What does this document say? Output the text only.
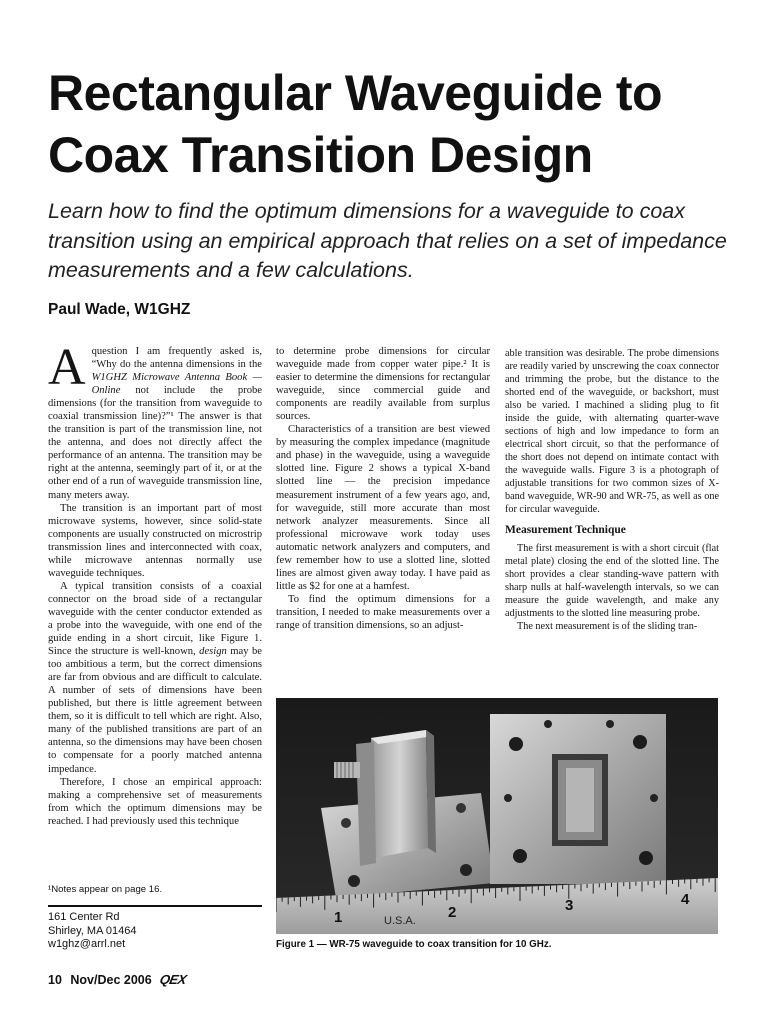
Rectangular Waveguide to
Coax Transition Design
Learn how to find the optimum dimensions for a waveguide to coax transition using an empirical approach that relies on a set of impedance measurements and a few calculations.
Paul Wade, W1GHZ

A question I am frequently asked is, “Why do the antenna dimensions in the W1GHZ Microwave Antenna Book — Online not include the probe dimensions (for the transition from waveguide to coaxial transmission line)?”¹ The answer is that the transition is part of the transmission line, not the antenna, and does not directly affect the performance of an antenna. The transition may be right at the antenna, seemingly part of it, or at the other end of a run of waveguide transmission line, many meters away.

The transition is an important part of most microwave systems, however, since solid-state components are usually constructed on microstrip transmission lines and interconnected with coax, while microwave antennas normally use waveguide techniques.

A typical transition consists of a coaxial connector on the broad side of a rectangular waveguide with the center conductor extended as a probe into the waveguide, with one end of the guide ending in a short circuit, like Figure 1. Since the structure is well-known, design may be too ambitious a term, but the correct dimensions are far from obvious and are difficult to calculate. A number of sets of dimensions have been published, but there is little agreement between them, so it is difficult to tell which are right. Also, many of the published transitions are part of an antenna, so the dimensions may have been chosen to compensate for a poorly matched antenna impedance.

Therefore, I chose an empirical approach: making a comprehensive set of measurements from which the optimum dimensions may be reached. I had previously used this technique

to determine probe dimensions for circular waveguide made from copper water pipe.² It is easier to determine the dimensions for rectangular waveguide, since commercial guide and components are readily available from surplus sources.

Characteristics of a transition are best viewed by measuring the complex impedance (magnitude and phase) in the waveguide, using a waveguide slotted line. Figure 2 shows a typical X-band slotted line — the precision impedance measurement instrument of a few years ago, and, for waveguide, still more accurate than most network analyzer measurements. Since all professional microwave work today uses automatic network analyzers and computers, and few remember how to use a slotted line, slotted lines are almost given away today. I have paid as little as $2 for one at a hamfest.

To find the optimum dimensions for a transition, I needed to make measurements over a range of transition dimensions, so an adjust-

able transition was desirable. The probe dimensions are readily varied by unscrewing the coax connector and trimming the probe, but the distance to the shorted end of the waveguide, or backshort, must also be varied. I machined a sliding plug to fit inside the guide, with alternating quarter-wave sections of high and low impedance to form an electrical short circuit, so that the performance of the short does not depend on intimate contact with the waveguide walls. Figure 3 is a photograph of adjustable transitions for two common sizes of X-band waveguide, WR-90 and WR-75, as well as one for circular waveguide.

Measurement Technique

The first measurement is with a short circuit (flat metal plate) closing the end of the slotted line. The short provides a clear standing-wave pattern with sharp nulls at half-wavelength intervals, so we can measure the guide wavelength, and make any adjustments to the slotted line measuring probe.

The next measurement is of the sliding tran-

¹Notes appear on page 16.
161 Center Rd
Shirley, MA 01464
w1ghz@arrl.net
U.S.A.
1	2	3	4
Figure 1 — WR-75 waveguide to coax transition for 10 GHz.
10 Nov/Dec 2006 QEX
